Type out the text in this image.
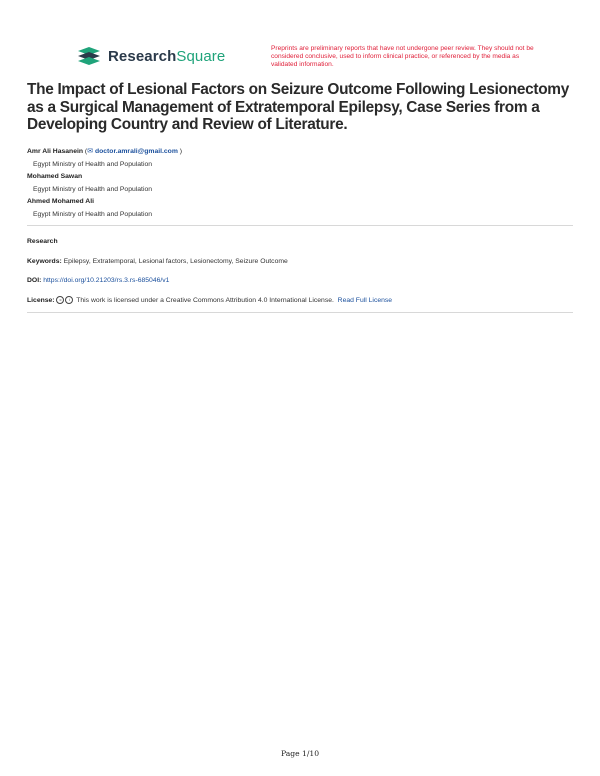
ResearchSquare	Preprints are preliminary reports that have not undergone peer review. They should not be considered conclusive, used to inform clinical practice, or referenced by the media as validated information.
The Impact of Lesional Factors on Seizure Outcome Following Lesionectomy as a Surgical Management of Extratemporal Epilepsy, Case Series from a Developing Country and Review of Literature.
Amr Ali Hasanein (✉ doctor.amrali@gmail.com )
Egypt Ministry of Health and Population
Mohamed Sawan
Egypt Ministry of Health and Population
Ahmed Mohamed Ali
Egypt Ministry of Health and Population
Research
Keywords: Epilepsy, Extratemporal, Lesional factors, Lesionectomy, Seizure Outcome
DOI: https://doi.org/10.21203/rs.3.rs-685046/v1
License: c i This work is licensed under a Creative Commons Attribution 4.0 International License. Read Full License
Page 1/10
